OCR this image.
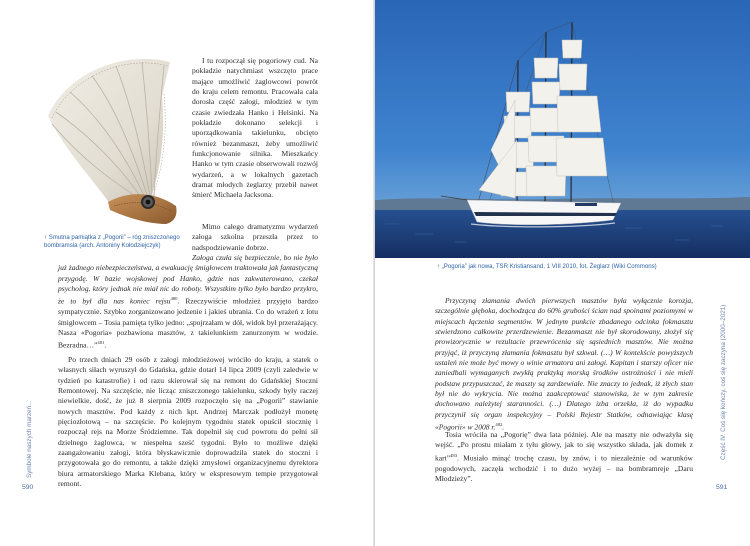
↑ Smutna pamiątka z „Pogorii” – róg zniszczonego bombramsla (arch. Antoniny Kołodziejczyk)

I tu rozpoczął się pogoriowy cud. Na pokładzie natychmiast wszczęto prace mające umożliwić żaglowcowi powrót do kraju celem remontu. Pracowała cała dorosła część załogi, młodzież w tym czasie zwiedzała Hanko i Helsinki. Na pokładzie dokonano selekcji i uporządkowania takielunku, obcięto również bezanmaszt, żeby umożliwić funkcjonowanie silnika. Mieszkańcy Hanko w tym czasie obserwowali rozwój wydarzeń, a w lokalnych gazetach dramat młodych żeglarzy przebił nawet śmierć Michaela Jacksona.

Mimo całego dramatyzmu wydarzeń załoga szkolna przeszła przez to nadspodziewanie dobrze.

Załoga czuła się bezpiecznie, bo nie było już żadnego niebezpieczeństwa, a ewakuację śmigłowcem traktowała jak fantastyczną przygodę. W bazie wojskowej pod Hanko, gdzie nas zakwaterowano, czekał psycholog, który jednak nie miał nic do roboty. Wszystkim tylko było bardzo przykro, że to był dla nas koniec rejsu$^{480}$. Rzeczywiście młodzież przyjęto bardzo sympatycznie. Szybko zorganizowano jedzenie i jakieś ubrania. Co do wrażeń z lotu śmigłowcem – Tosia pamięta tylko jedno: „spojrzałam w dół, widok był przerażający. Nasza «Pogoria» pozbawiona masztów, z takielunkiem zanurzonym w wodzie. Bezradna…”$^{481}$.

Po trzech dniach 29 osób z załogi młodzieżowej wróciło do kraju, a statek o własnych siłach wyruszył do Gdańska, gdzie dotarł 14 lipca 2009 (czyli zaledwie w tydzień po katastrofie) i od razu skierował się na remont do Gdańskiej Stoczni Remontowej. Na szczęście, nie licząc zniszczonego takielunku, szkody były raczej niewielkie, dość, że już 8 sierpnia 2009 rozpoczęło się na „Pogorii” stawianie nowych masztów. Pod każdy z nich kpt. Andrzej Marczak podłożył monetę pięciozłotową – na szczęście. Po kolejnym tygodniu statek opuścił stocznię i rozpoczął rejs na Morze Śródziemne. Tak dopełnił się cud powrotu do pełni sił dzielnego żaglowca, w niespełna sześć tygodni. Było to możliwe dzięki zaangażowaniu załogi, która błyskawicznie doprowadziła statek do stoczni i przygotowała go do remontu, a także dzięki zmysłowi organizacyjnemu dyrektora biura armatorskiego Marka Klebana, który w ekspresowym tempie przygotował remont.

Symbole naszych marzeń...
590

↑ „Pogoria” jak nowa, TSR Kristiansand, 1 VIII 2010, fot. Żeglarz (Wiki Commons)

Przyczyną złamania dwóch pierwszych masztów była wyłącznie korozja, szczególnie głęboka, dochodząca do 60% grubości ścian nad spoinami poziomymi w miejscach łączenia segmentów. W jednym punkcie zbadanego odcinka fokmasztu stwierdzono całkowite przerdzewienie. Bezanmaszt nie był skorodowany, złożył się prowizorycznie w rezultacie przewrócenia się sąsiednich masztów. Nie można przyjąć, iż przyczyną złamania fokmasztu był szkwał. (…) W kontekście powyższych ustaleń nie może być mowy o winie armatora ani załogi. Kapitan i starszy oficer nie zaniedbali wymaganych zwykłą praktyką morską środków ostrożności i nie mieli podstaw przypuszczać, że maszty są zardzewiałe. Nie znaczy to jednak, iż złych stan był nie do wykrycia. Nie można zaakceptować stanowiska, że w tym zakresie dochowano należytej staranności. (…) Dlatego izba orzekła, iż do wypadku przyczynił się organ inspekcyjny – Polski Rejestr Statków, odnawiając klasę «Pogorii» w 2008 r.$^{482}$.

Tosia wróciła na „Pogorię” dwa lata później. Ale na maszty nie odważyła się wejść. „Po prostu miałam z tyłu głowy, jak to się wszystko składa, jak domek z kart”$^{483}$. Musiało minąć trochę czasu, by znów, i to niezależnie od warunków pogodowych, zaczęła wchodzić i to dużo wyżej – na bombramreje „Daru Młodzieży”.

Część IV. Coś się kończy, coś się zaczyna (2000–2021)
591
